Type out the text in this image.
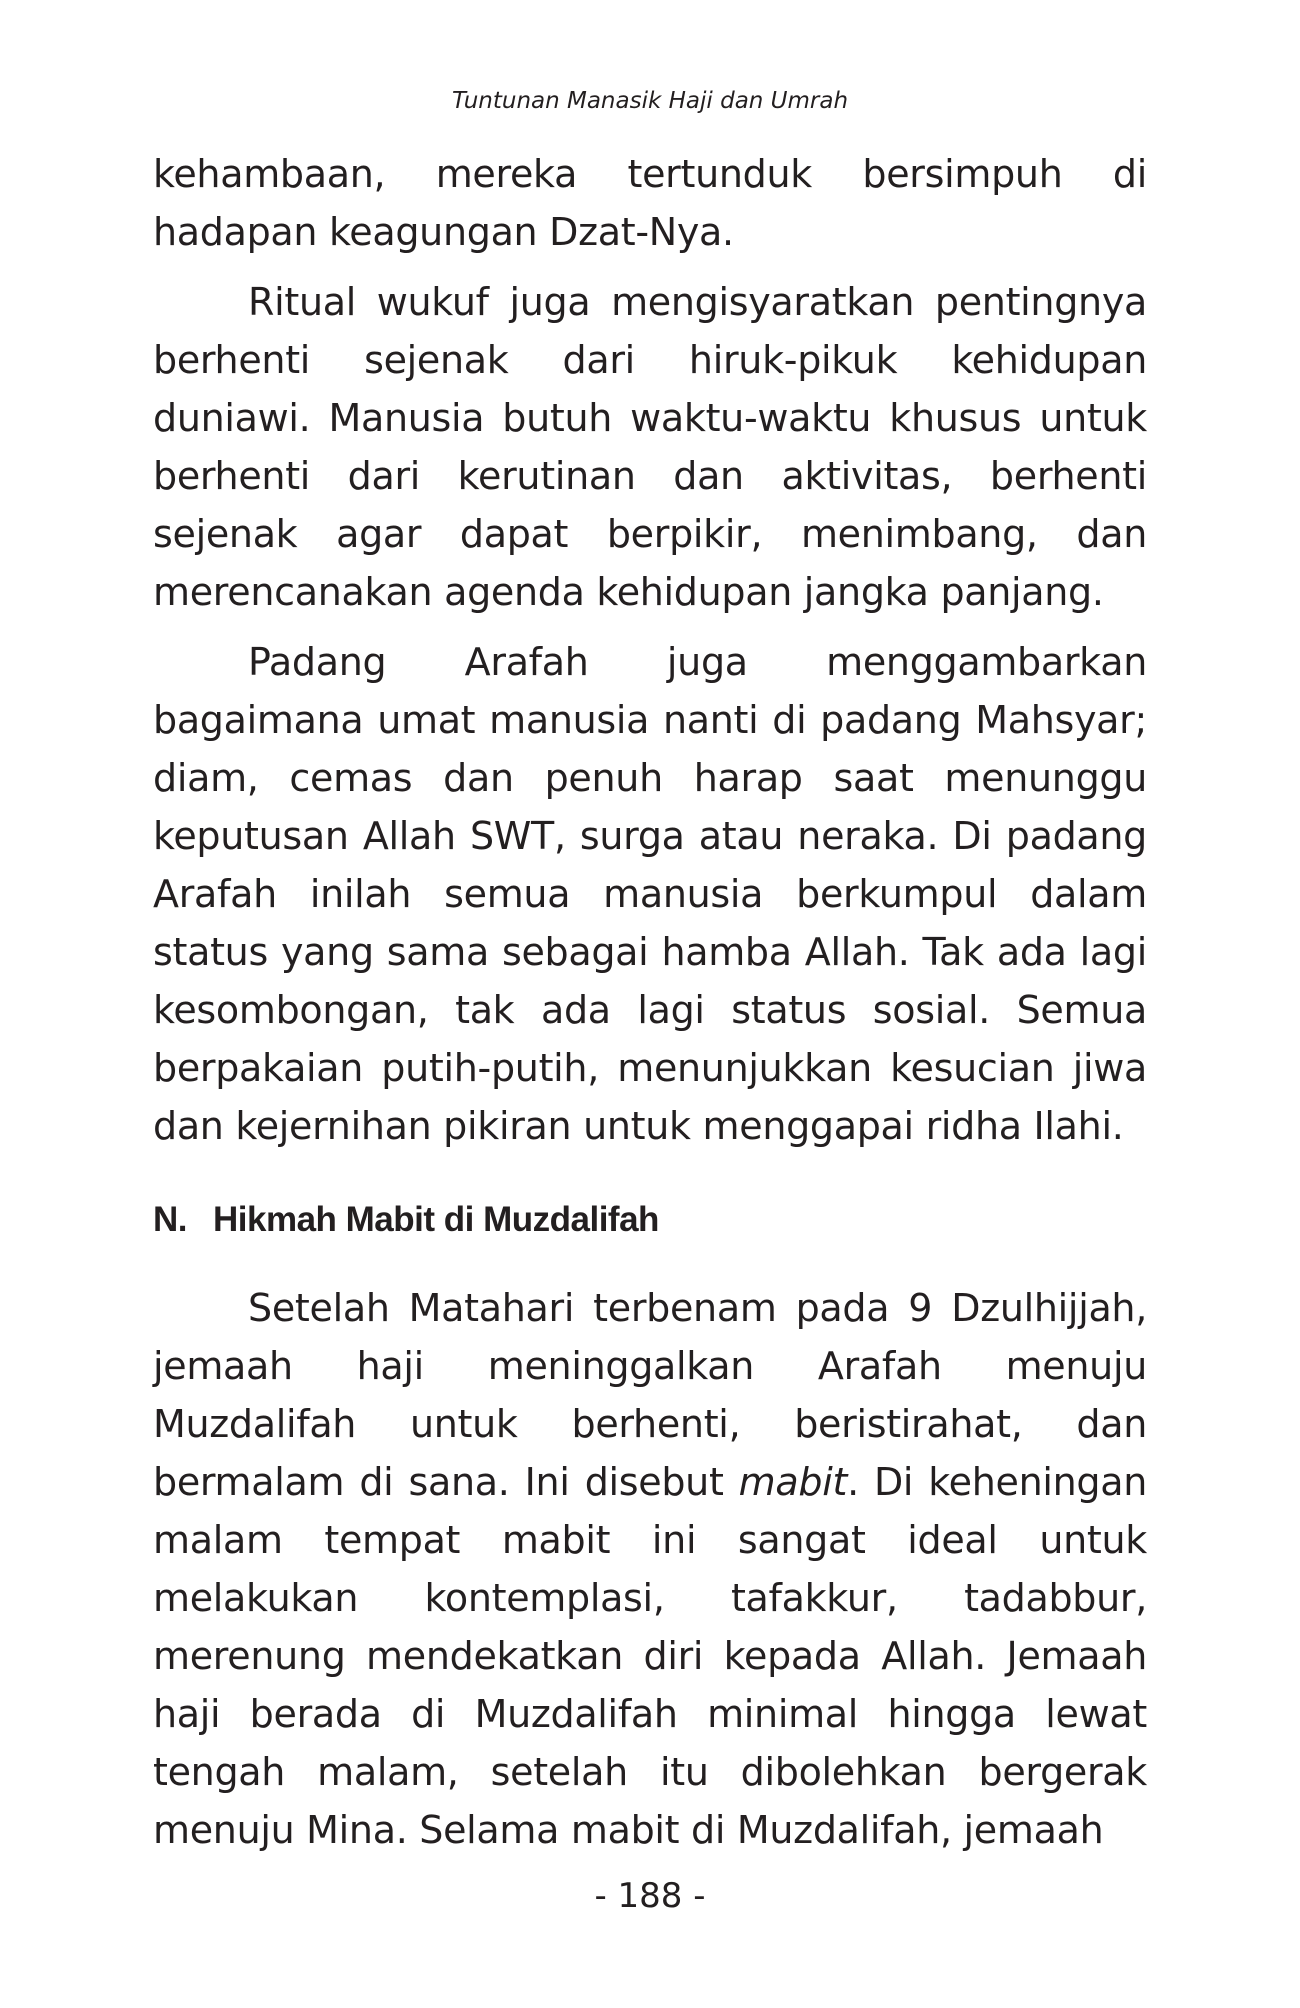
Tuntunan Manasik Haji dan Umrah

kehambaan, mereka tertunduk bersimpuh di hadapan keagungan Dzat-Nya.

Ritual wukuf juga mengisyaratkan pentingnya berhenti sejenak dari hiruk-pikuk kehidupan duniawi. Manusia butuh waktu-waktu khusus untuk berhenti dari kerutinan dan aktivitas, berhenti sejenak agar dapat berpikir, menimbang, dan merencanakan agenda kehidupan jangka panjang.

Padang Arafah juga menggambarkan bagaimana umat manusia nanti di padang Mahsyar; diam, cemas dan penuh harap saat menunggu keputusan Allah SWT, surga atau neraka. Di padang Arafah inilah semua manusia berkumpul dalam status yang sama sebagai hamba Allah. Tak ada lagi kesombongan, tak ada lagi status sosial. Semua berpakaian putih-putih, menunjukkan kesucian jiwa dan kejernihan pikiran untuk menggapai ridha Ilahi.

N. Hikmah Mabit di Muzdalifah

Setelah Matahari terbenam pada 9 Dzulhijjah, jemaah haji meninggalkan Arafah menuju Muzdalifah untuk berhenti, beristirahat, dan bermalam di sana. Ini disebut mabit. Di keheningan malam tempat mabit ini sangat ideal untuk melakukan kontemplasi, tafakkur, tadabbur, merenung mendekatkan diri kepada Allah. Jemaah haji berada di Muzdalifah minimal hingga lewat tengah malam, setelah itu dibolehkan bergerak menuju Mina. Selama mabit di Muzdalifah, jemaah

- 188 -
